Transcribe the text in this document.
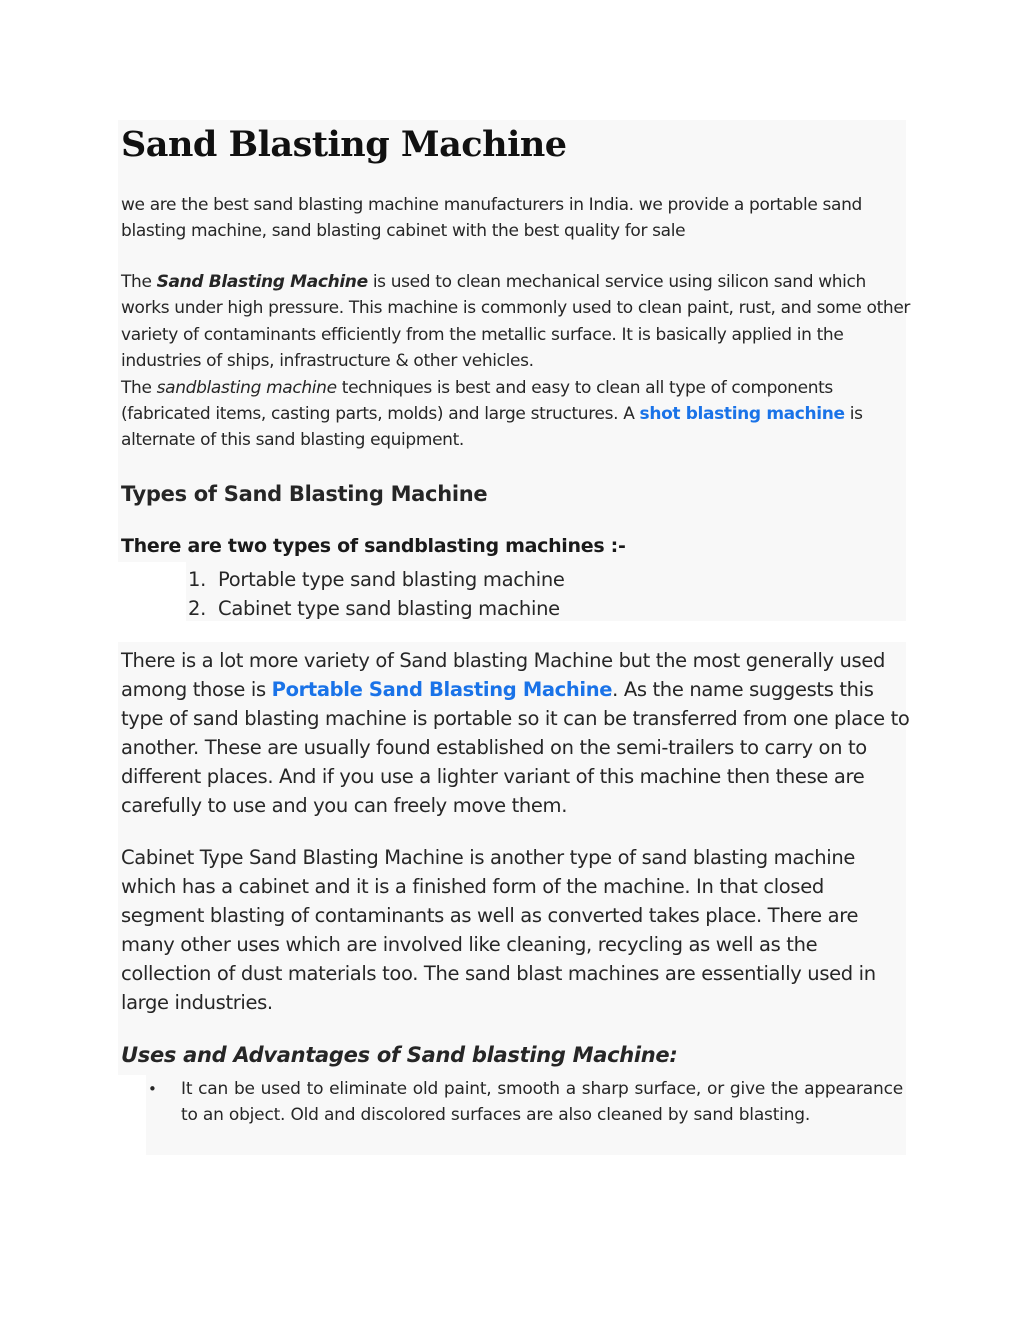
Sand Blasting Machine

we are the best sand blasting machine manufacturers in India. we provide a portable sand blasting machine, sand blasting cabinet with the best quality for sale

The Sand Blasting Machine is used to clean mechanical service using silicon sand which works under high pressure. This machine is commonly used to clean paint, rust, and some other variety of contaminants efficiently from the metallic surface. It is basically applied in the industries of ships, infrastructure & other vehicles.
The sandblasting machine techniques is best and easy to clean all type of components (fabricated items, casting parts, molds) and large structures. A shot blasting machine is alternate of this sand blasting equipment.

Types of Sand Blasting Machine
There are two types of sandblasting machines :-
1. Portable type sand blasting machine
2. Cabinet type sand blasting machine

There is a lot more variety of Sand blasting Machine but the most generally used among those is Portable Sand Blasting Machine. As the name suggests this type of sand blasting machine is portable so it can be transferred from one place to another. These are usually found established on the semi-trailers to carry on to different places. And if you use a lighter variant of this machine then these are carefully to use and you can freely move them.

Cabinet Type Sand Blasting Machine is another type of sand blasting machine which has a cabinet and it is a finished form of the machine. In that closed segment blasting of contaminants as well as converted takes place. There are many other uses which are involved like cleaning, recycling as well as the collection of dust materials too. The sand blast machines are essentially used in large industries.

Uses and Advantages of Sand blasting Machine:
• It can be used to eliminate old paint, smooth a sharp surface, or give the appearance to an object. Old and discolored surfaces are also cleaned by sand blasting.
